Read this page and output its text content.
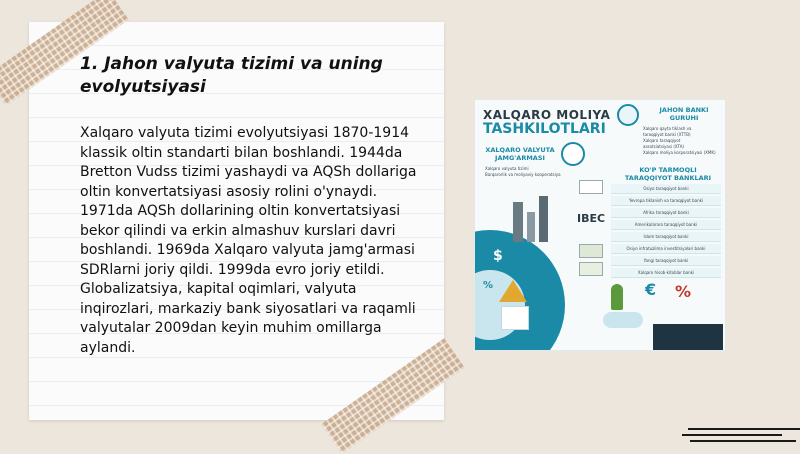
1. Jahon valyuta tizimi va uning evolyutsiyasi

Xalqaro valyuta tizimi evolyutsiyasi 1870-1914 klassik oltin standarti bilan boshlandi. 1944da Bretton Vudss tizimi yashaydi va AQSh dollariga oltin konvertatsiyasi asosiy rolini o'ynaydi. 1971da AQSh dollarining oltin konvertatsiyasi bekor qilindi va erkin almashuv kurslari davri boshlandi. 1969da Xalqaro valyuta jamg'armasi SDRlarni joriy qildi. 1999da evro joriy etildi. Globalizatsiya, kapital oqimlari, valyuta inqirozlari, markaziy bank siyosatlari va raqamli valyutalar 2009dan keyin muhim omillarga aylandi.

XALQARO MOLIYA
TASHKILOTLARI
XALQARO VALYUTA JAMG'ARMASI
Xalqaro valyuta tizimi
Barqarorlik va moliyaviy kooperatsiya
JAHON BANKI GURUHI
Xalqaro qayta tiklash va
taraqqiyot banki (XTTB)
Xalqaro taraqqiyot
assotsiatsiyasi (XTA)
Xalqaro moliya korporatsiyasi (XMK)
KO'P TARMOQLI TARAQQIYOT BANKLARI
Osiyo taraqqiyot banki
Yevropa tiklanish va taraqqiyot banki
Afrika taraqqiyot banki
Amerikalararo taraqqiyot banki
Islom taraqqiyot banki
Osiyo infratuzilma investitsiyalari banki
Yangi taraqqiyot banki
Xalqaro hisob-kitoblar banki
IBEC
%
$
€
$
%	€ %
